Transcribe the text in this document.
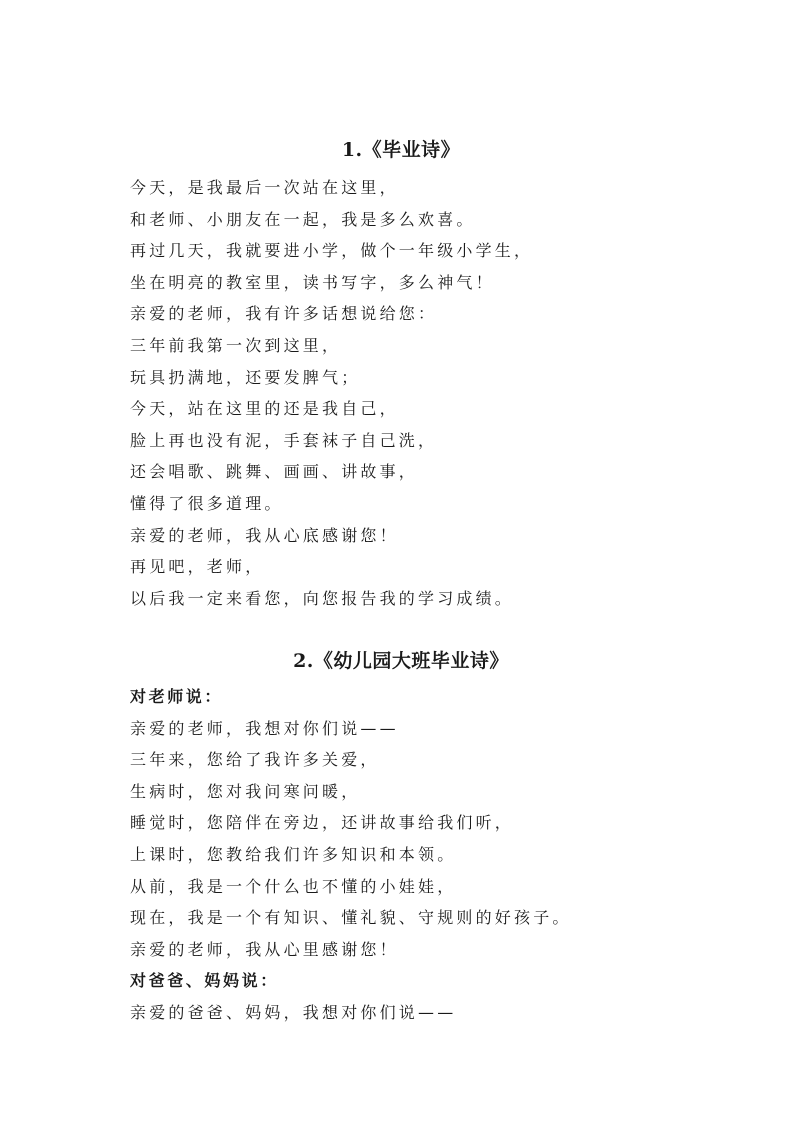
1.《毕业诗》
今天，是我最后一次站在这里，
和老师、小朋友在一起，我是多么欢喜。
再过几天，我就要进小学，做个一年级小学生，
坐在明亮的教室里，读书写字，多么神气！
亲爱的老师，我有许多话想说给您：
三年前我第一次到这里，
玩具扔满地，还要发脾气；
今天，站在这里的还是我自己，
脸上再也没有泥，手套袜子自己洗，
还会唱歌、跳舞、画画、讲故事，
懂得了很多道理。
亲爱的老师，我从心底感谢您！
再见吧，老师，
以后我一定来看您，向您报告我的学习成绩。
2.《幼儿园大班毕业诗》
对老师说：
亲爱的老师，我想对你们说——
三年来，您给了我许多关爱，
生病时，您对我问寒问暖，
睡觉时，您陪伴在旁边，还讲故事给我们听，
上课时，您教给我们许多知识和本领。
从前，我是一个什么也不懂的小娃娃，
现在，我是一个有知识、懂礼貌、守规则的好孩子。
亲爱的老师，我从心里感谢您！
对爸爸、妈妈说：
亲爱的爸爸、妈妈，我想对你们说——
